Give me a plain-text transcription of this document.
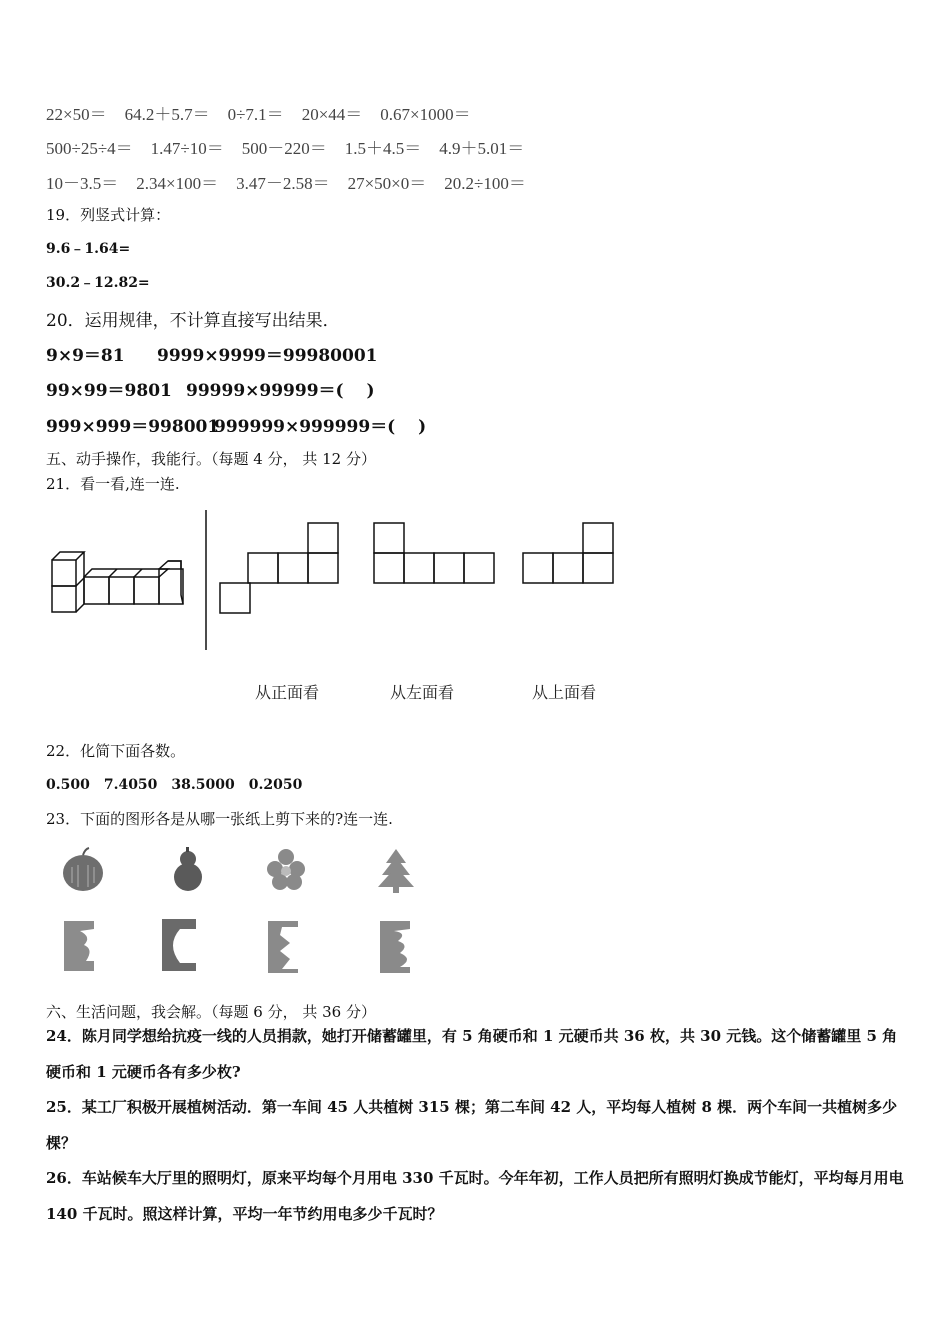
22×50＝ 64.2＋5.7＝ 0÷7.1＝ 20×44＝ 0.67×1000＝
500÷25÷4＝ 1.47÷10＝ 500－220＝ 1.5＋4.5＝ 4.9＋5.01＝
10－3.5＝ 2.34×100＝ 3.47－2.58＝ 27×50×0＝ 20.2÷100＝
19．列竖式计算：
9.6﹣1.64=
30.2﹣12.82=
20．运用规律，不计算直接写出结果．
9×9＝81 9999×9999＝99980001
99×99＝9801 99999×99999＝(　 )
999×999＝998001
999999×999999＝(　 )
五、动手操作，我能行。（每题 4 分， 共 12 分）
21．看一看,连一连.
从正面看	从左面看	从上面看
22．化简下面各数。
0.500　7.4050　38.5000　0.2050
23．下面的图形各是从哪一张纸上剪下来的?连一连.
六、生活问题，我会解。（每题 6 分， 共 36 分）
24．陈月同学想给抗疫一线的人员捐款，她打开储蓄罐里，有 5 角硬币和 1 元硬币共 36 枚，共 30 元钱。这个储蓄罐里 5 角硬币和 1 元硬币各有多少枚?
25．某工厂积极开展植树活动．第一车间 45 人共植树 315 棵；第二车间 42 人，平均每人植树 8 棵．两个车间一共植树多少棵？
26．车站候车大厅里的照明灯，原来平均每个月用电 330 千瓦时。今年年初，工作人员把所有照明灯换成节能灯，平均每月用电 140 千瓦时。照这样计算，平均一年节约用电多少千瓦时？
